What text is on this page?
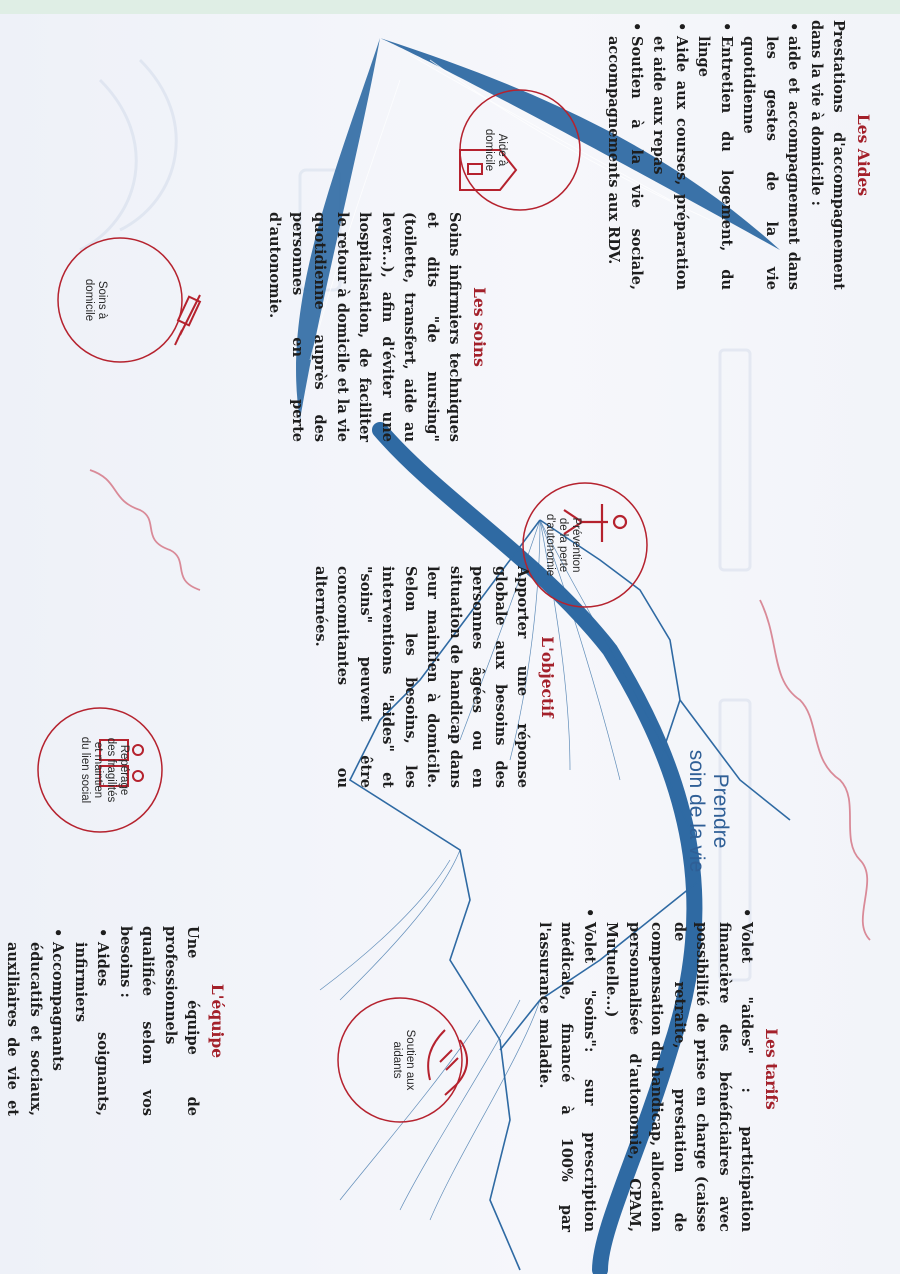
Aide à
domicile
Soins à
domicile
Prévention
de la perte
d'autonomie
Repérage
des fragilités
et maintien
du lien social
Soutien aux
aidants
Prendre
soin de la vie
Les Aides

Prestations d'accompagnement dans la vie à domicile :

• aide et accompagnement dans les gestes de la vie quotidienne
• Entretien du logement, du linge
• Aide aux courses, préparation et aide aux repas
• Soutien à la vie sociale, accompagnements aux RDV.
Les soins

Soins infirmiers techniques et dits "de nursing" (toilette, transfert, aide au lever...), afin d'éviter une hospitalisation, de faciliter le retour à domicile et la vie quotidienne auprès des personnes en perte d'autonomie.

L'objectif

Apporter une réponse globale aux besoins des personnes âgées ou en situation de handicap dans leur maintien à domicile. Selon les besoins, les interventions "aides" et "soins" peuvent être concomitantes ou alternées.

Les tarifs
• Volet "aides" : participation financière des bénéficiaires avec possibilité de prise en charge (caisse de retraite, prestation de compensation du handicap, allocation personnalisée d'autonomie, CPAM, Mutuelle...)
• Volet "soins": sur prescription médicale, financé à 100% par l'assurance maladie.
L'équipe

Une équipe de professionnels qualifiée selon vos besoins :

• Aides soignants, infirmiers
• Accompagnants éducatifs et sociaux, auxiliaires de vie et
